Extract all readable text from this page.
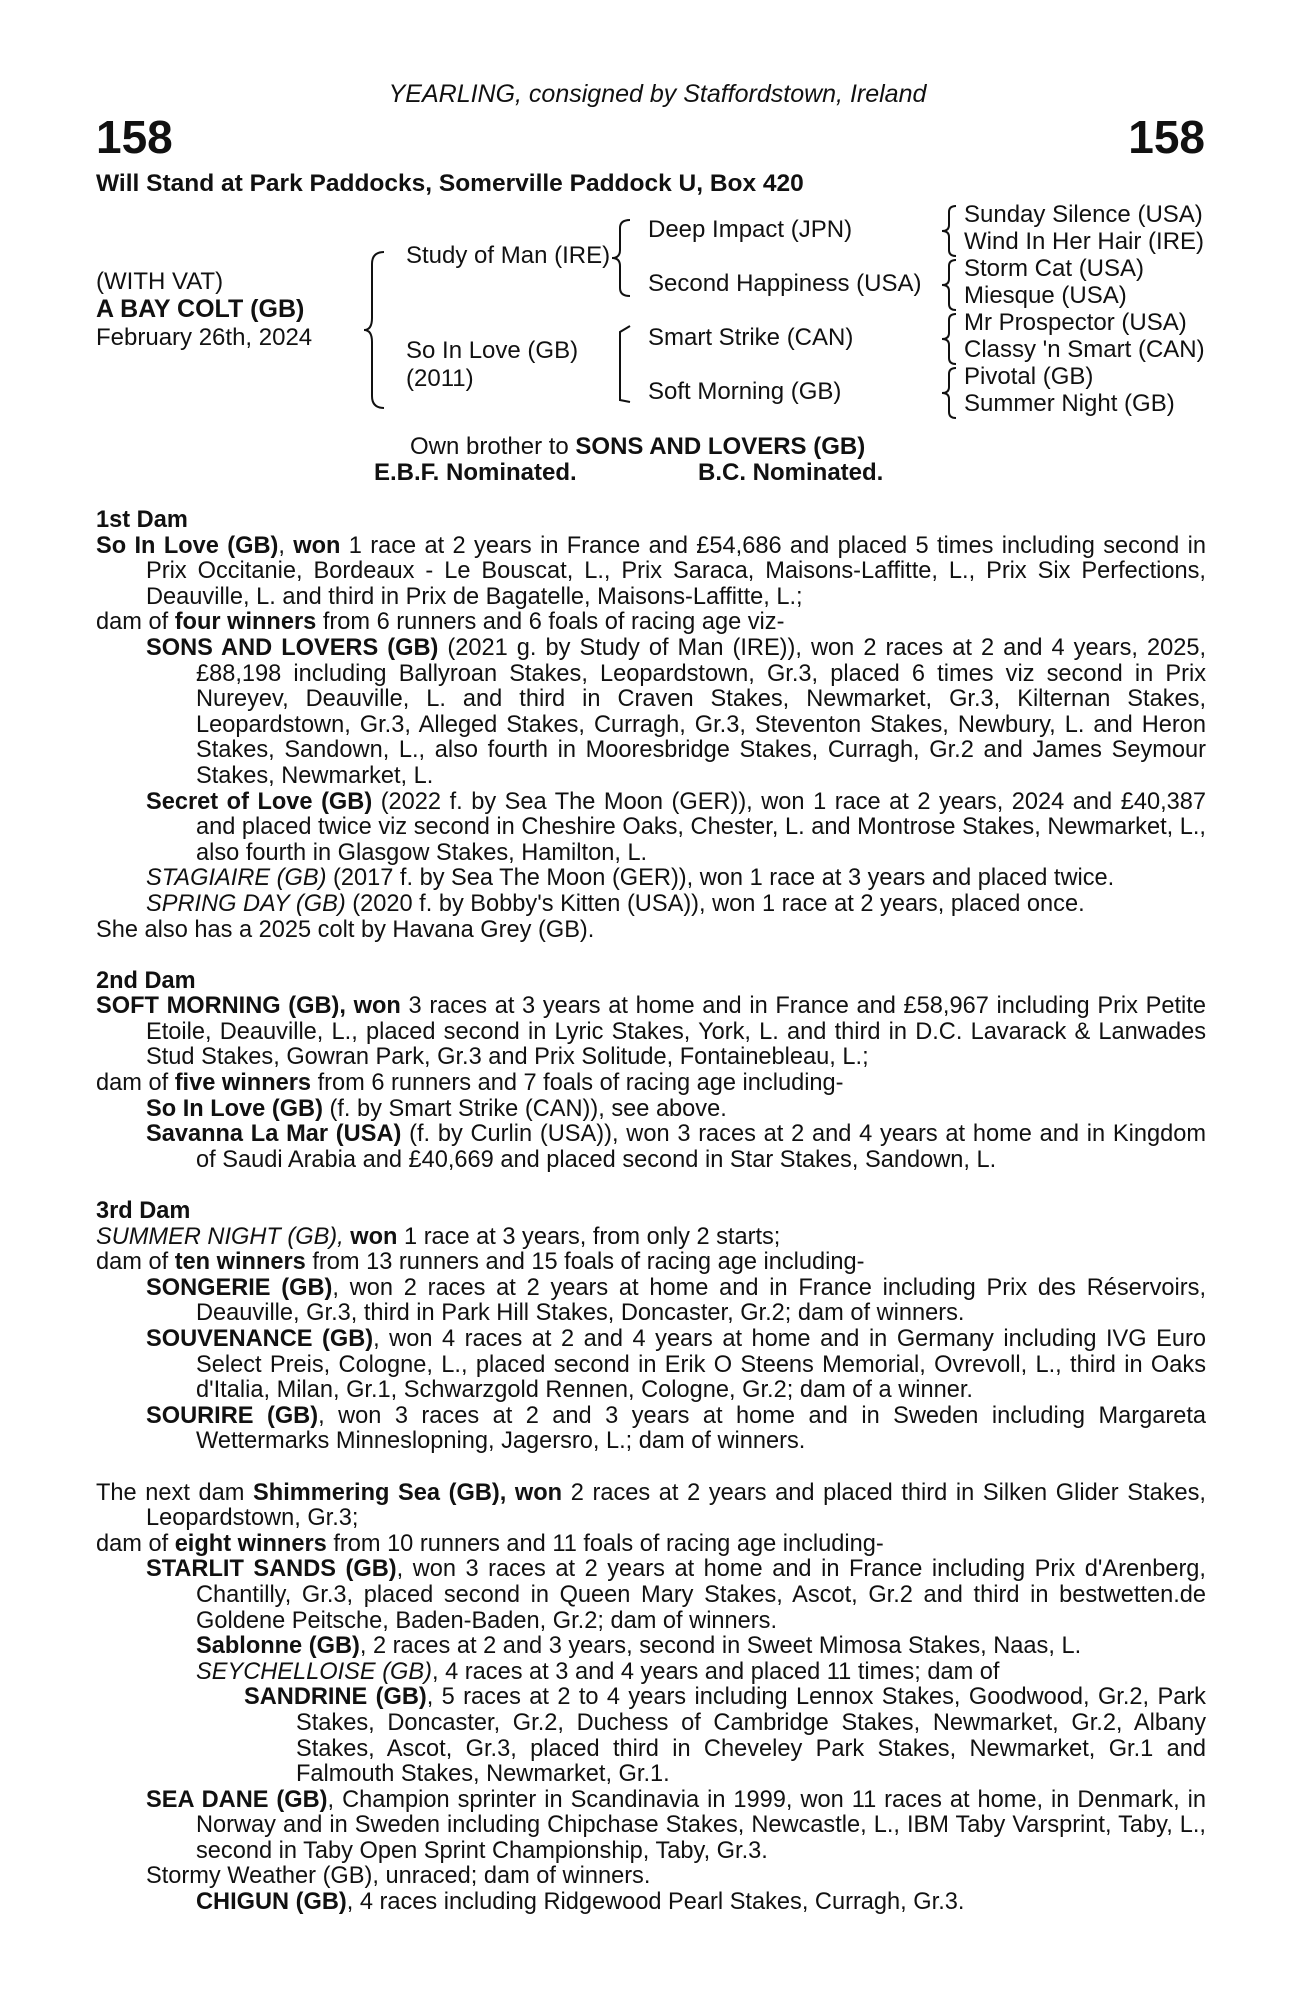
YEARLING, consigned by Staffordstown, Ireland
158	158
Will Stand at Park Paddocks, Somerville Paddock U, Box 420
(WITH VAT)
A BAY COLT (GB)
February 26th, 2024
Study of Man (IRE)
So In Love (GB)
(2011)
Deep Impact (JPN)
Second Happiness (USA)
Smart Strike (CAN)
Soft Morning (GB)
Sunday Silence (USA)
Wind In Her Hair (IRE)
Storm Cat (USA)
Miesque (USA)
Mr Prospector (USA)
Classy 'n Smart (CAN)
Pivotal (GB)
Summer Night (GB)
Own brother to SONS AND LOVERS (GB)
E.B.F. Nominated.	B.C. Nominated.

1st Dam

So In Love (GB), won 1 race at 2 years in France and £54,686 and placed 5 times including second in Prix Occitanie, Bordeaux - Le Bouscat, L., Prix Saraca, Maisons-Laffitte, L., Prix Six Perfections, Deauville, L. and third in Prix de Bagatelle, Maisons-Laffitte, L.;

dam of four winners from 6 runners and 6 foals of racing age viz-

SONS AND LOVERS (GB) (2021 g. by Study of Man (IRE)), won 2 races at 2 and 4 years, 2025, £88,198 including Ballyroan Stakes, Leopardstown, Gr.3, placed 6 times viz second in Prix Nureyev, Deauville, L. and third in Craven Stakes, Newmarket, Gr.3, Kilternan Stakes, Leopardstown, Gr.3, Alleged Stakes, Curragh, Gr.3, Steventon Stakes, Newbury, L. and Heron Stakes, Sandown, L., also fourth in Mooresbridge Stakes, Curragh, Gr.2 and James Seymour Stakes, Newmarket, L.

Secret of Love (GB) (2022 f. by Sea The Moon (GER)), won 1 race at 2 years, 2024 and £40,387 and placed twice viz second in Cheshire Oaks, Chester, L. and Montrose Stakes, Newmarket, L., also fourth in Glasgow Stakes, Hamilton, L.

STAGIAIRE (GB) (2017 f. by Sea The Moon (GER)), won 1 race at 3 years and placed twice.

SPRING DAY (GB) (2020 f. by Bobby's Kitten (USA)), won 1 race at 2 years, placed once.

She also has a 2025 colt by Havana Grey (GB).

2nd Dam

SOFT MORNING (GB), won 3 races at 3 years at home and in France and £58,967 including Prix Petite Etoile, Deauville, L., placed second in Lyric Stakes, York, L. and third in D.C. Lavarack & Lanwades Stud Stakes, Gowran Park, Gr.3 and Prix Solitude, Fontainebleau, L.;

dam of five winners from 6 runners and 7 foals of racing age including-

So In Love (GB) (f. by Smart Strike (CAN)), see above.

Savanna La Mar (USA) (f. by Curlin (USA)), won 3 races at 2 and 4 years at home and in Kingdom of Saudi Arabia and £40,669 and placed second in Star Stakes, Sandown, L.

3rd Dam

SUMMER NIGHT (GB), won 1 race at 3 years, from only 2 starts;

dam of ten winners from 13 runners and 15 foals of racing age including-

SONGERIE (GB), won 2 races at 2 years at home and in France including Prix des Réservoirs, Deauville, Gr.3, third in Park Hill Stakes, Doncaster, Gr.2; dam of winners.

SOUVENANCE (GB), won 4 races at 2 and 4 years at home and in Germany including IVG Euro Select Preis, Cologne, L., placed second in Erik O Steens Memorial, Ovrevoll, L., third in Oaks d'Italia, Milan, Gr.1, Schwarzgold Rennen, Cologne, Gr.2; dam of a winner.

SOURIRE (GB), won 3 races at 2 and 3 years at home and in Sweden including Margareta Wettermarks Minneslopning, Jagersro, L.; dam of winners.

The next dam Shimmering Sea (GB), won 2 races at 2 years and placed third in Silken Glider Stakes, Leopardstown, Gr.3;

dam of eight winners from 10 runners and 11 foals of racing age including-

STARLIT SANDS (GB), won 3 races at 2 years at home and in France including Prix d'Arenberg, Chantilly, Gr.3, placed second in Queen Mary Stakes, Ascot, Gr.2 and third in bestwetten.de Goldene Peitsche, Baden-Baden, Gr.2; dam of winners.

Sablonne (GB), 2 races at 2 and 3 years, second in Sweet Mimosa Stakes, Naas, L.

SEYCHELLOISE (GB), 4 races at 3 and 4 years and placed 11 times; dam of

SANDRINE (GB), 5 races at 2 to 4 years including Lennox Stakes, Goodwood, Gr.2, Park Stakes, Doncaster, Gr.2, Duchess of Cambridge Stakes, Newmarket, Gr.2, Albany Stakes, Ascot, Gr.3, placed third in Cheveley Park Stakes, Newmarket, Gr.1 and Falmouth Stakes, Newmarket, Gr.1.

SEA DANE (GB), Champion sprinter in Scandinavia in 1999, won 11 races at home, in Denmark, in Norway and in Sweden including Chipchase Stakes, Newcastle, L., IBM Taby Varsprint, Taby, L., second in Taby Open Sprint Championship, Taby, Gr.3.

Stormy Weather (GB), unraced; dam of winners.

CHIGUN (GB), 4 races including Ridgewood Pearl Stakes, Curragh, Gr.3.
